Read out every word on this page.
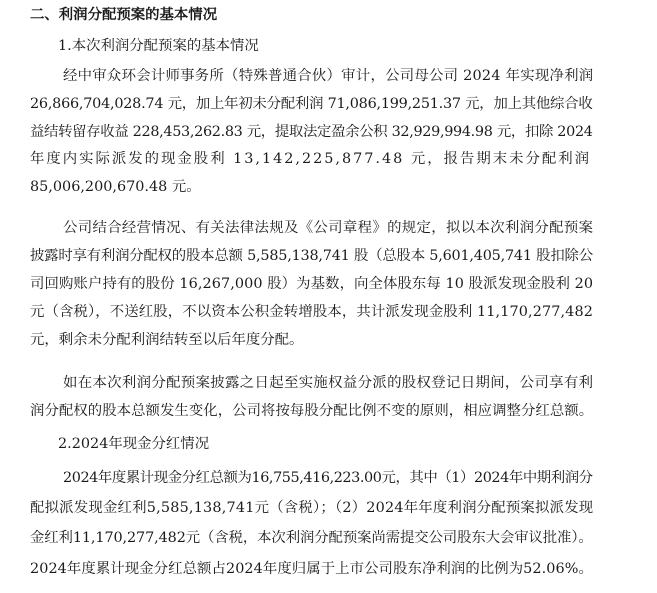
二、利润分配预案的基本情况
1.本次利润分配预案的基本情况
经中审众环会计师事务所（特殊普通合伙）审计，公司母公司 2024 年实现净利润
26,866,704,028.74 元，加上年初未分配利润 71,086,199,251.37 元，加上其他综合收
益结转留存收益 228,453,262.83 元，提取法定盈余公积 32,929,994.98 元，扣除 2024
年度内实际派发的现金股利 13,142,225,877.48 元，报告期末未分配利润
85,006,200,670.48 元。
公司结合经营情况、有关法律法规及《公司章程》的规定，拟以本次利润分配预案
披露时享有利润分配权的股本总额 5,585,138,741 股（总股本 5,601,405,741 股扣除公
司回购账户持有的股份 16,267,000 股）为基数，向全体股东每 10 股派发现金股利 20
元（含税），不送红股，不以资本公积金转增股本，共计派发现金股利 11,170,277,482
元，剩余未分配利润结转至以后年度分配。
如在本次利润分配预案披露之日起至实施权益分派的股权登记日期间，公司享有利
润分配权的股本总额发生变化，公司将按每股分配比例不变的原则，相应调整分红总额。
2.2024年现金分红情况
2024年度累计现金分红总额为16,755,416,223.00元，其中（1）2024年中期利润分
配拟派发现金红利5,585,138,741元（含税）；（2）2024年年度利润分配预案拟派发现
金红利11,170,277,482元（含税，本次利润分配预案尚需提交公司股东大会审议批准）。
2024年度累计现金分红总额占2024年度归属于上市公司股东净利润的比例为52.06%。
